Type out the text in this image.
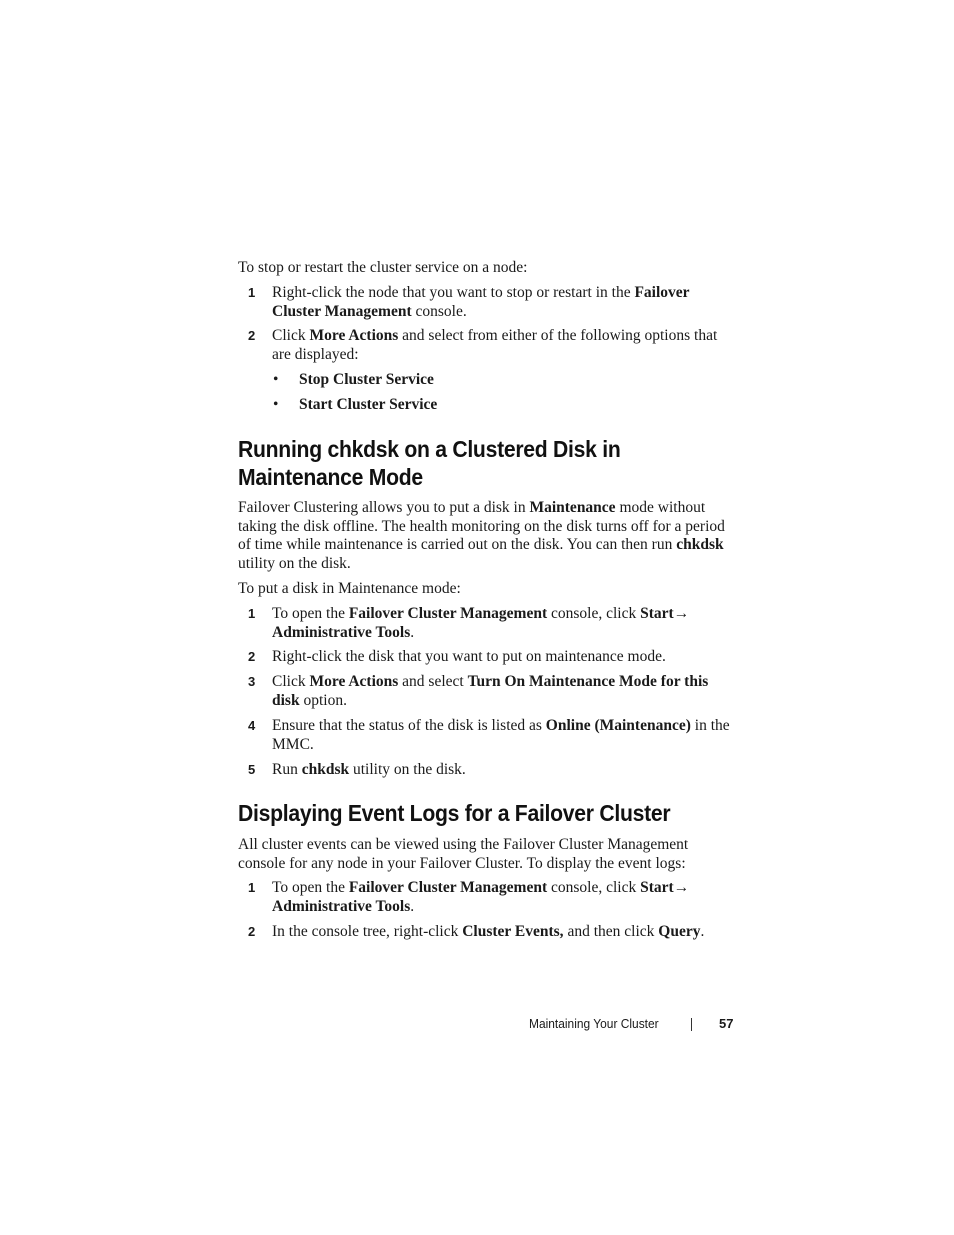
To stop or restart the cluster service on a node:

1 Right-click the node that you want to stop or restart in the Failover Cluster Management console.

2 Click More Actions and select from either of the following options that are displayed:

• Stop Cluster Service
• Start Cluster Service
Running chkdsk on a Clustered Disk in Maintenance Mode

Failover Clustering allows you to put a disk in Maintenance mode without taking the disk offline. The health monitoring on the disk turns off for a period of time while maintenance is carried out on the disk. You can then run chkdsk utility on the disk.

To put a disk in Maintenance mode:

1 To open the Failover Cluster Management console, click Start→
Administrative Tools.

2 Right-click the disk that you want to put on maintenance mode.

3 Click More Actions and select Turn On Maintenance Mode for this disk option.

4 Ensure that the status of the disk is listed as Online (Maintenance) in the MMC.

5 Run chkdsk utility on the disk.

Displaying Event Logs for a Failover Cluster

All cluster events can be viewed using the Failover Cluster Management console for any node in your Failover Cluster. To display the event logs:

1 To open the Failover Cluster Management console, click Start→
Administrative Tools.

2 In the console tree, right-click Cluster Events, and then click Query.

Maintaining Your Cluster	57
